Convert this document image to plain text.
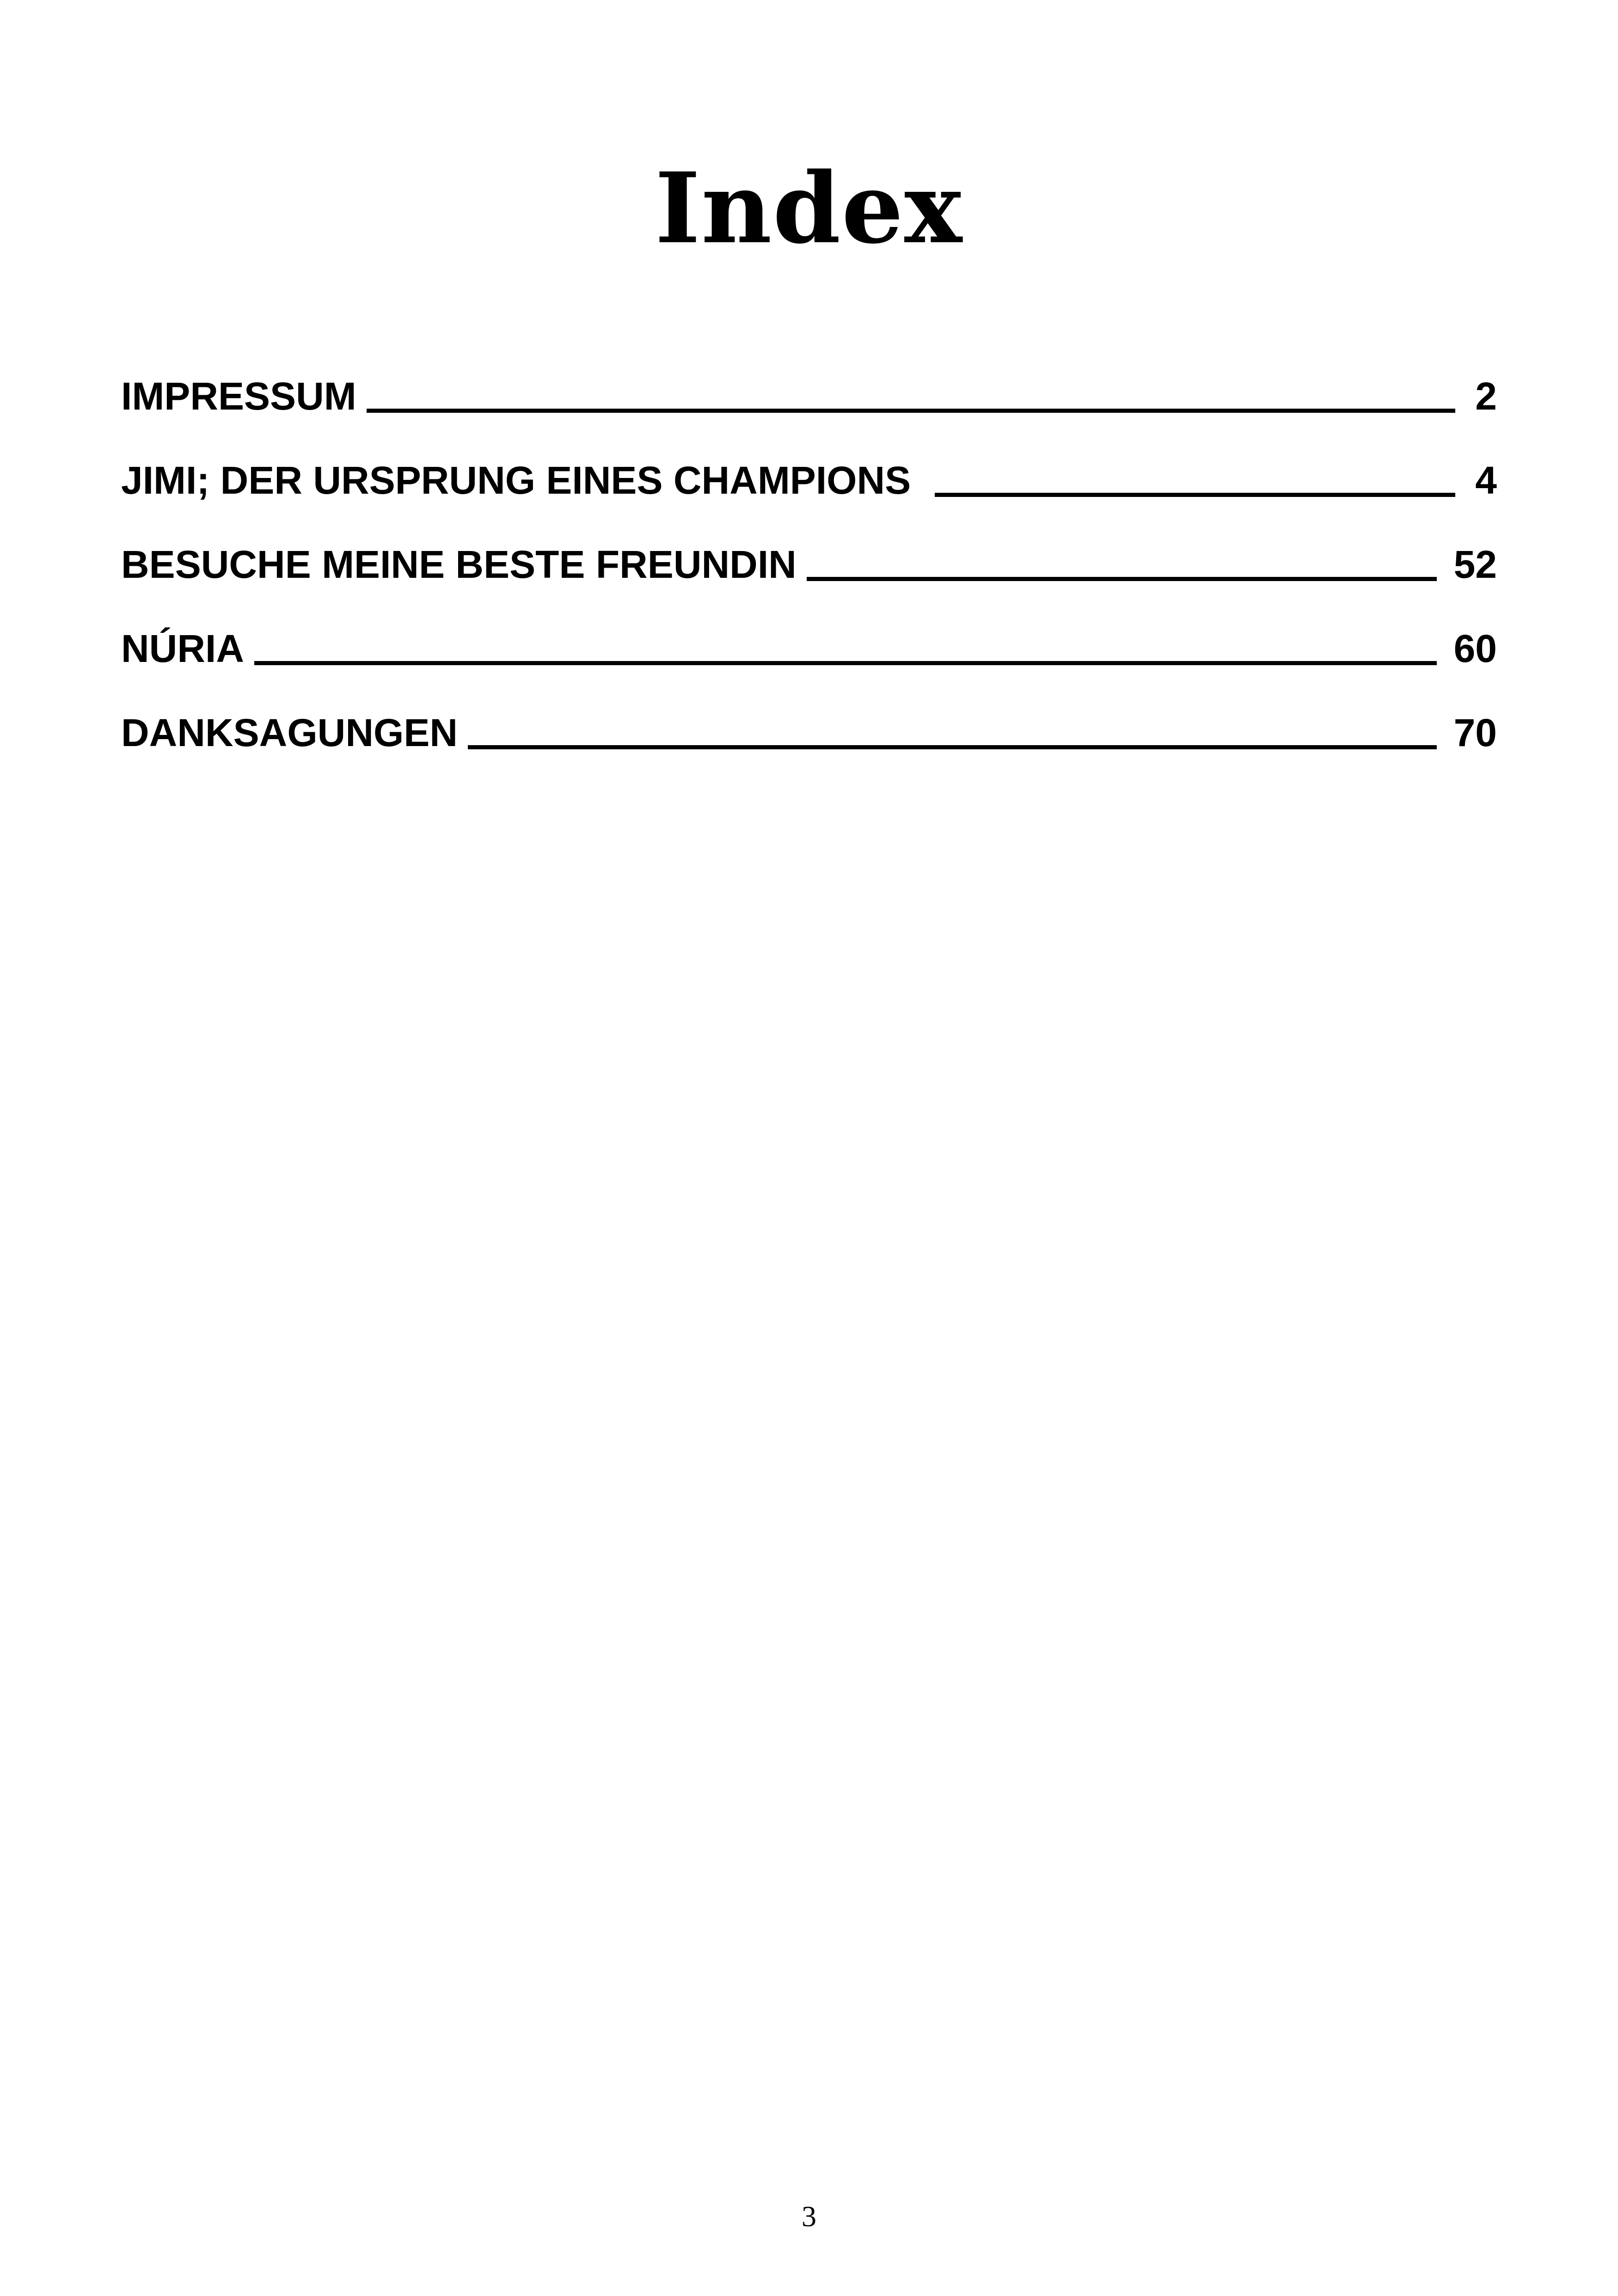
Index
IMPRESSUM	2
JIMI; DER URSPRUNG EINES CHAMPIONS	4
BESUCHE MEINE BESTE FREUNDIN	52
NÚRIA	60
DANKSAGUNGEN	70
3
